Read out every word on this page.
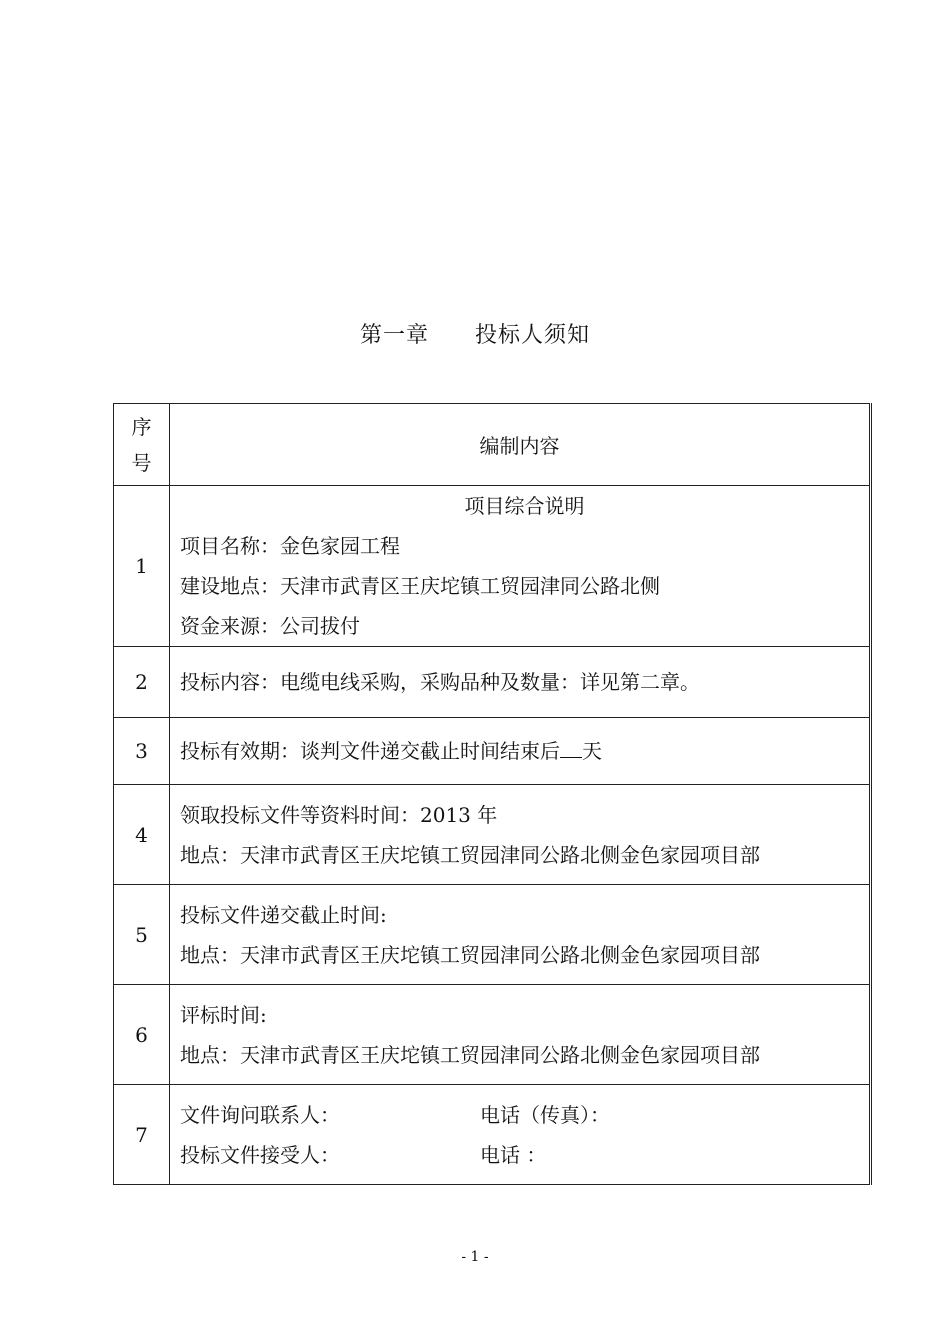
第一章　　投标人须知
序
号	编制内容
1	项目综合说明
项目名称：金色家园工程
建设地点：天津市武青区王庆坨镇工贸园津同公路北侧
资金来源：公司拔付

2	投标内容：电缆电线采购，采购品种及数量：详见第二章。

3	投标有效期：谈判文件递交截止时间结束后 天

4	领取投标文件等资料时间：2013 年
地点：天津市武青区王庆坨镇工贸园津同公路北侧金色家园项目部

5	投标文件递交截止时间:
地点：天津市武青区王庆坨镇工贸园津同公路北侧金色家园项目部

6	评标时间:
地点：天津市武青区王庆坨镇工贸园津同公路北侧金色家园项目部

7	文件询问联系人： 电话（传真）：
投标文件接受人： 电话 ：
- 1 -
